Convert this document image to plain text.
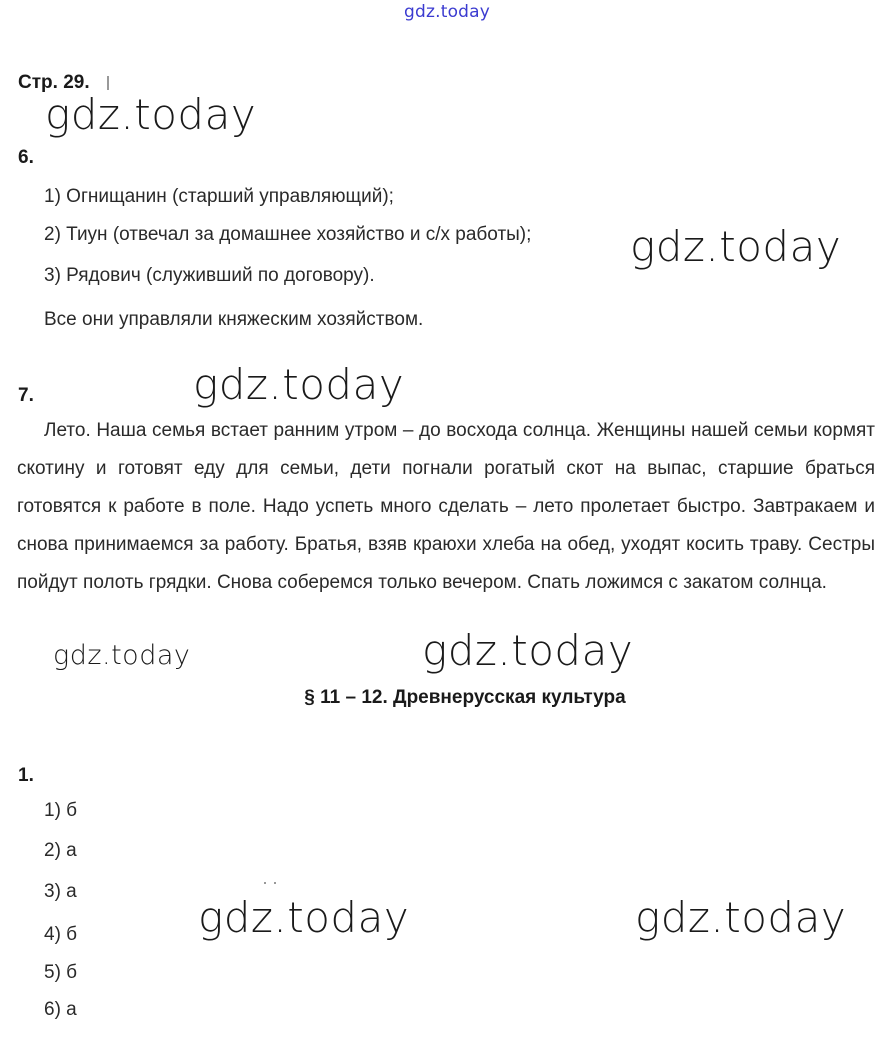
gdz.today
Стр. 29.
gdz.today
gdz.today
gdz.today
gdz.today	gdz.today
gdz.today	gdz.today
6.
1) Огнищанин (старший управляющий);
2) Тиун (отвечал за домашнее хозяйство и с/х работы);
3) Рядович (служивший по договору).
Все они управляли княжеским хозяйством.
7.

Лето. Наша семья встает ранним утром – до восхода солнца. Женщины нашей семьи кормят скотину и готовят еду для семьи, дети погнали рогатый скот на выпас, старшие браться готовятся к работе в поле. Надо успеть много сделать – лето пролетает быстро. Завтракаем и снова принимаемся за работу. Братья, взяв краюхи хлеба на обед, уходят косить траву. Сестры пойдут полоть грядки. Снова соберемся только вечером. Спать ложимся с закатом солнца.

§ 11 – 12. Древнерусская культура
1.
1) б
2) а
3) а
4) б
5) б
6) а
